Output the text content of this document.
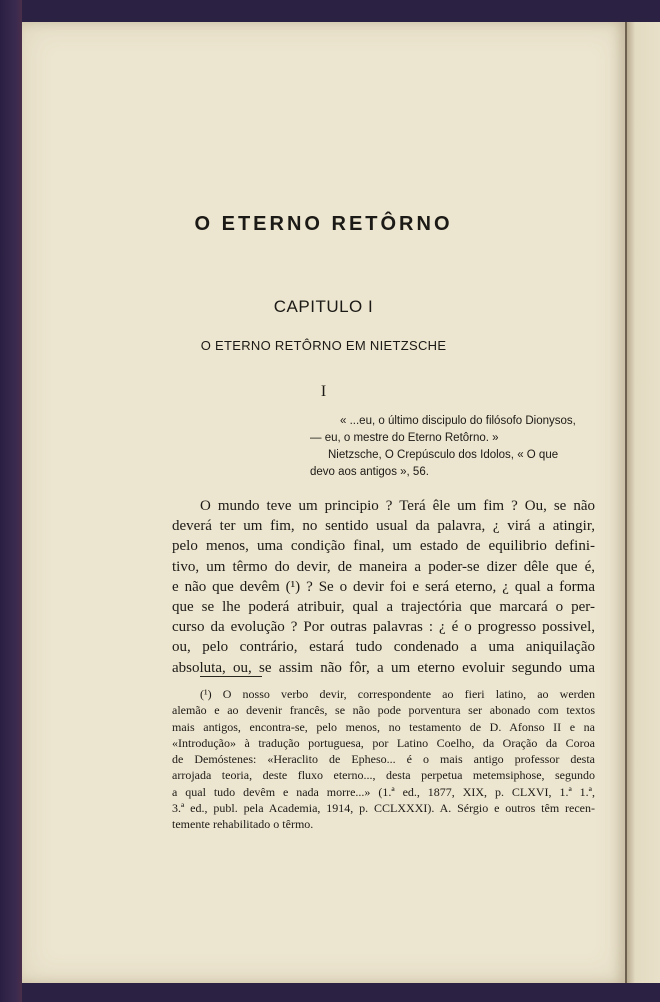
O ETERNO RETÔRNO
CAPITULO I
O ETERNO RETÔRNO EM NIETZSCHE
I
« ...eu, o último discipulo do filósofo Dionysos,
— eu, o mestre do Eterno Retôrno. »
Nietzsche, O Crepúsculo dos Idolos, « O que
devo aos antigos », 56.
O mundo teve um principio ? Terá êle um fim ? Ou, se não
deverá ter um fim, no sentido usual da palavra, ¿ virá a atingir,
pelo menos, uma condição final, um estado de equilibrio defini-
tivo, um têrmo do devir, de maneira a poder-se dizer dêle que é,
e não que devêm (¹) ? Se o devir foi e será eterno, ¿ qual a forma
que se lhe poderá atribuir, qual a trajectória que marcará o per-
curso da evolução ? Por outras palavras : ¿ é o progresso possivel,
ou, pelo contrário, estará tudo condenado a uma aniquilação
absoluta, ou, se assim não fôr, a um eterno evoluir segundo uma
(¹) O nosso verbo devir, correspondente ao fieri latino, ao werden
alemão e ao devenir francês, se não pode porventura ser abonado com textos
mais antigos, encontra-se, pelo menos, no testamento de D. Afonso II e na
«Introdução» à tradução portuguesa, por Latino Coelho, da Oração da Coroa
de Demóstenes: «Heraclito de Epheso... é o mais antigo professor desta
arrojada teoria, deste fluxo eterno..., desta perpetua metemsiphose, segundo
a qual tudo devêm e nada morre...» (1.ª ed., 1877, XIX, p. CLXVI, 1.ª 1.ª,
3.ª ed., publ. pela Academia, 1914, p. CCLXXXI). A. Sérgio e outros têm recen-
temente rehabilitado o têrmo.
